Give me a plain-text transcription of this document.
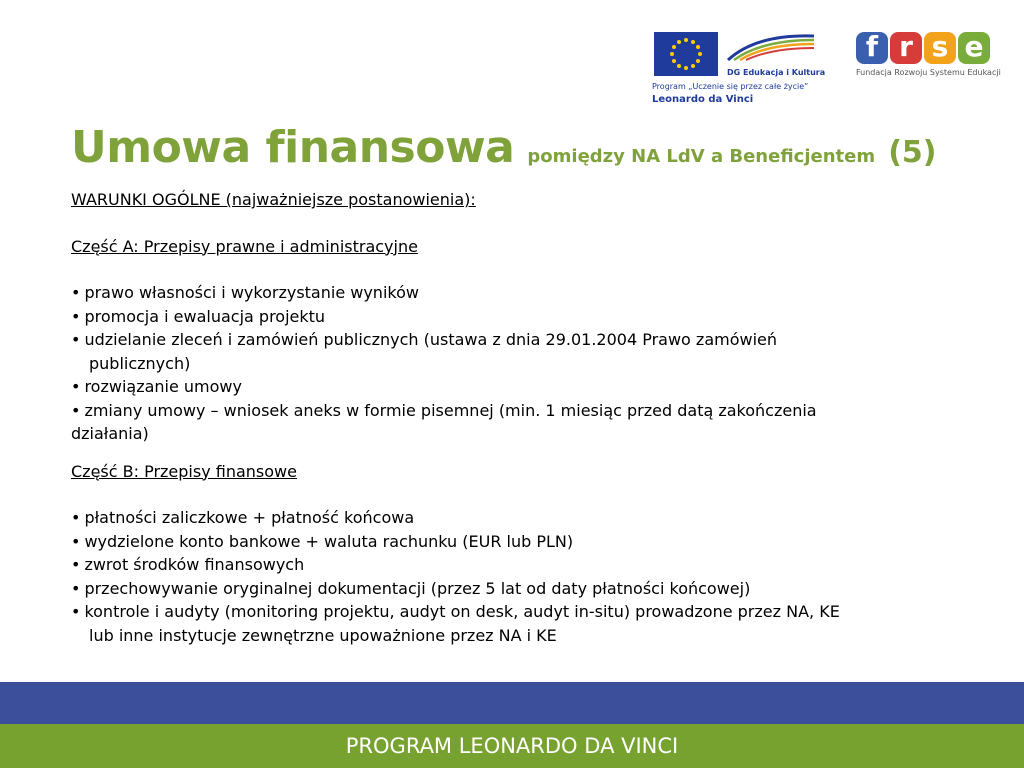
DG Edukacja i Kultura
Program „Uczenie się przez całe życie”
Leonardo da Vinci
f r s e
Fundacja Rozwoju Systemu Edukacji
Umowa finansowa pomiędzy NA LdV a Beneficjentem (5)

WARUNKI OGÓLNE (najważniejsze postanowienia):

Część A: Przepisy prawne i administracyjne

• prawo własności i wykorzystanie wyników

• promocja i ewaluacja projektu

• udzielanie zleceń i zamówień publicznych (ustawa z dnia 29.01.2004 Prawo zamówień

publicznych)

• rozwiązanie umowy

• zmiany umowy – wniosek aneks w formie pisemnej (min. 1 miesiąc przed datą zakończenia

działania)

Część B: Przepisy finansowe

• płatności zaliczkowe + płatność końcowa

• wydzielone konto bankowe + waluta rachunku (EUR lub PLN)

• zwrot środków finansowych

• przechowywanie oryginalnej dokumentacji (przez 5 lat od daty płatności końcowej)

• kontrole i audyty (monitoring projektu, audyt on desk, audyt in-situ) prowadzone przez NA, KE

lub inne instytucje zewnętrzne upoważnione przez NA i KE

PROGRAM LEONARDO DA VINCI
